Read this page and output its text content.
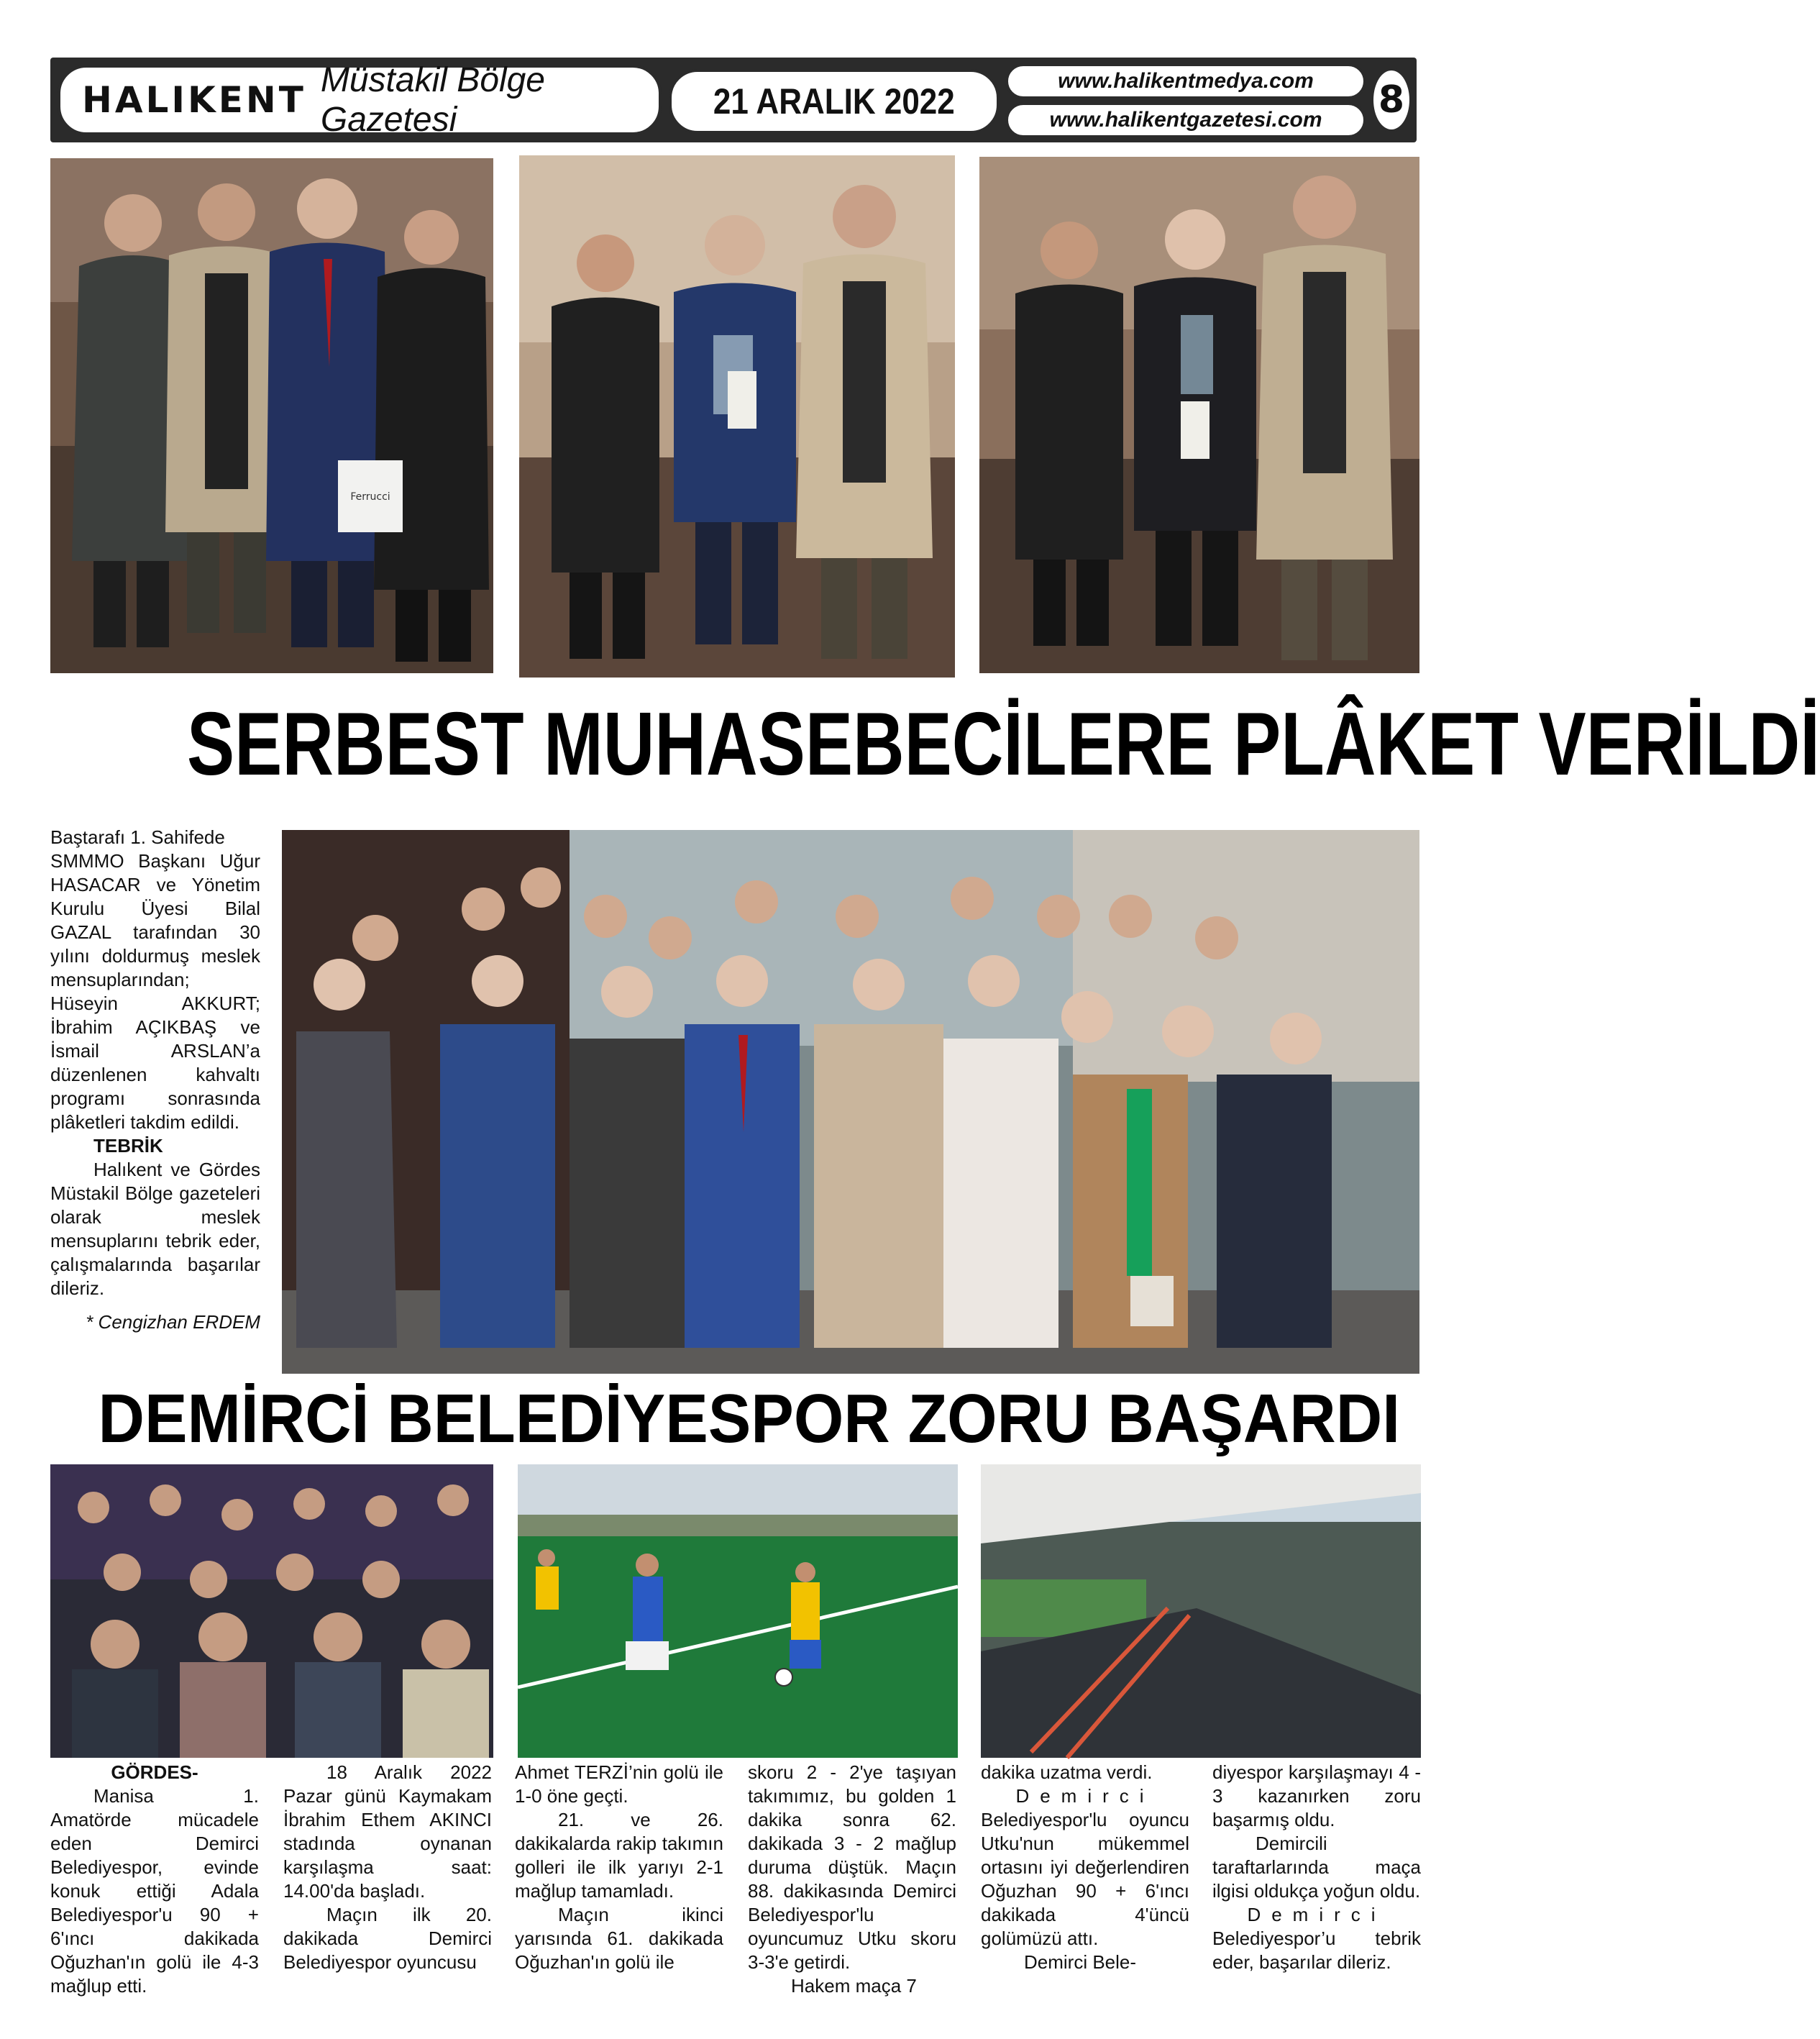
HALIKENT Müstakil Bölge Gazetesi	21 ARALIK 2022
www.halikentmedya.com
www.halikentgazetesi.com 8
Ferrucci
SERBEST MUHASEBECİLERE PLÂKET VERİLDİ

Baştarafı 1. Sahifede

SMMMO Başkanı Uğur HASACAR ve Yönetim Kurulu Üyesi Bilal GAZAL tarafından 30 yılını doldurmuş meslek mensuplarından; Hüseyin AKKURT; İbrahim AÇIKBAŞ ve İsmail ARSLAN’a düzenlenen kahvaltı programı sonrasında plâketleri takdim edildi.

TEBRİK

Halıkent ve Gördes Müstakil Bölge gazeteleri olarak meslek mensuplarını tebrik eder, çalışmalarında başarılar dileriz.

* Cengizhan ERDEM

DEMİRCİ BELEDİYESPOR ZORU BAŞARDI

GÖRDES-

Manisa 1. Amatörde mücadele eden Demirci Belediyespor, evinde konuk ettiği Adala Belediyespor'u 90 + 6'ıncı dakikada Oğuzhan'ın golü ile 4-3 mağlup etti.

18 Aralık 2022 Pazar günü Kaymakam İbrahim Ethem AKINCI stadında oynanan karşılaşma saat: 14.00'da başladı.

Maçın ilk 20. dakikada Demirci Belediyespor oyuncusu

Ahmet TERZİ’nin golü ile 1-0 öne geçti.

21. ve 26. dakikalarda rakip takımın golleri ile ilk yarıyı 2-1 mağlup tamamladı.

Maçın ikinci yarısında 61. dakikada Oğuzhan'ın golü ile

skoru 2 - 2'ye taşıyan takımımız, bu golden 1 dakika sonra 62. dakikada 3 - 2 mağlup duruma düştük. Maçın 88. dakikasında Demirci Belediyespor'lu oyuncumuz Utku skoru 3-3'e getirdi.

Hakem maça 7

dakika uzatma verdi.

Demirci
Belediyespor'lu oyuncu Utku'nun mükemmel ortasını iyi değerlendiren Oğuzhan 90 + 6'ıncı dakikada 4'üncü golümüzü attı.

Demirci Bele-

diyespor karşılaşmayı 4 - 3 kazanırken zoru başarmış oldu.

Demircili taraftarlarında maça ilgisi oldukça yoğun oldu.

Demirci
Belediyespor’u tebrik eder, başarılar dileriz.
